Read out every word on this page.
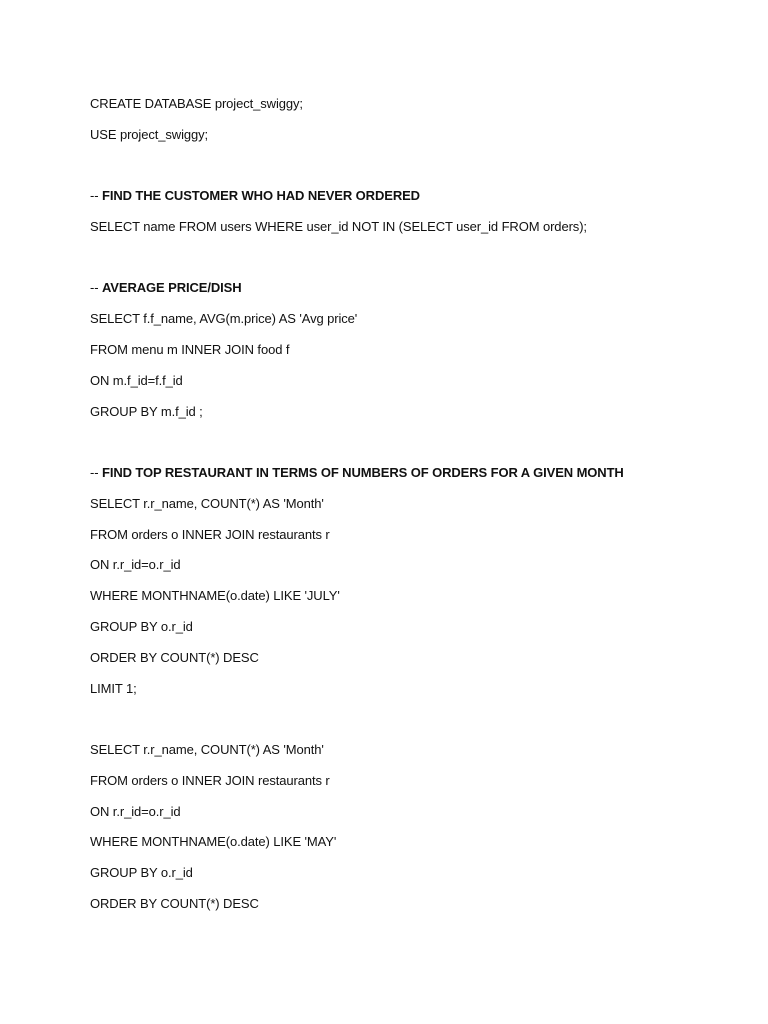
CREATE DATABASE project_swiggy;
USE project_swiggy;
-- FIND THE CUSTOMER WHO HAD NEVER ORDERED
SELECT name FROM users WHERE user_id NOT IN (SELECT user_id FROM orders);
-- AVERAGE PRICE/DISH
SELECT f.f_name, AVG(m.price) AS 'Avg price'
FROM menu m INNER JOIN food f
ON m.f_id=f.f_id
GROUP BY m.f_id ;
-- FIND TOP RESTAURANT IN TERMS OF NUMBERS OF ORDERS FOR A GIVEN MONTH
SELECT r.r_name, COUNT(*) AS 'Month'
FROM orders o INNER JOIN restaurants r
ON r.r_id=o.r_id
WHERE MONTHNAME(o.date) LIKE 'JULY'
GROUP BY o.r_id
ORDER BY COUNT(*) DESC
LIMIT 1;
SELECT r.r_name, COUNT(*) AS 'Month'
FROM orders o INNER JOIN restaurants r
ON r.r_id=o.r_id
WHERE MONTHNAME(o.date) LIKE 'MAY'
GROUP BY o.r_id
ORDER BY COUNT(*) DESC
